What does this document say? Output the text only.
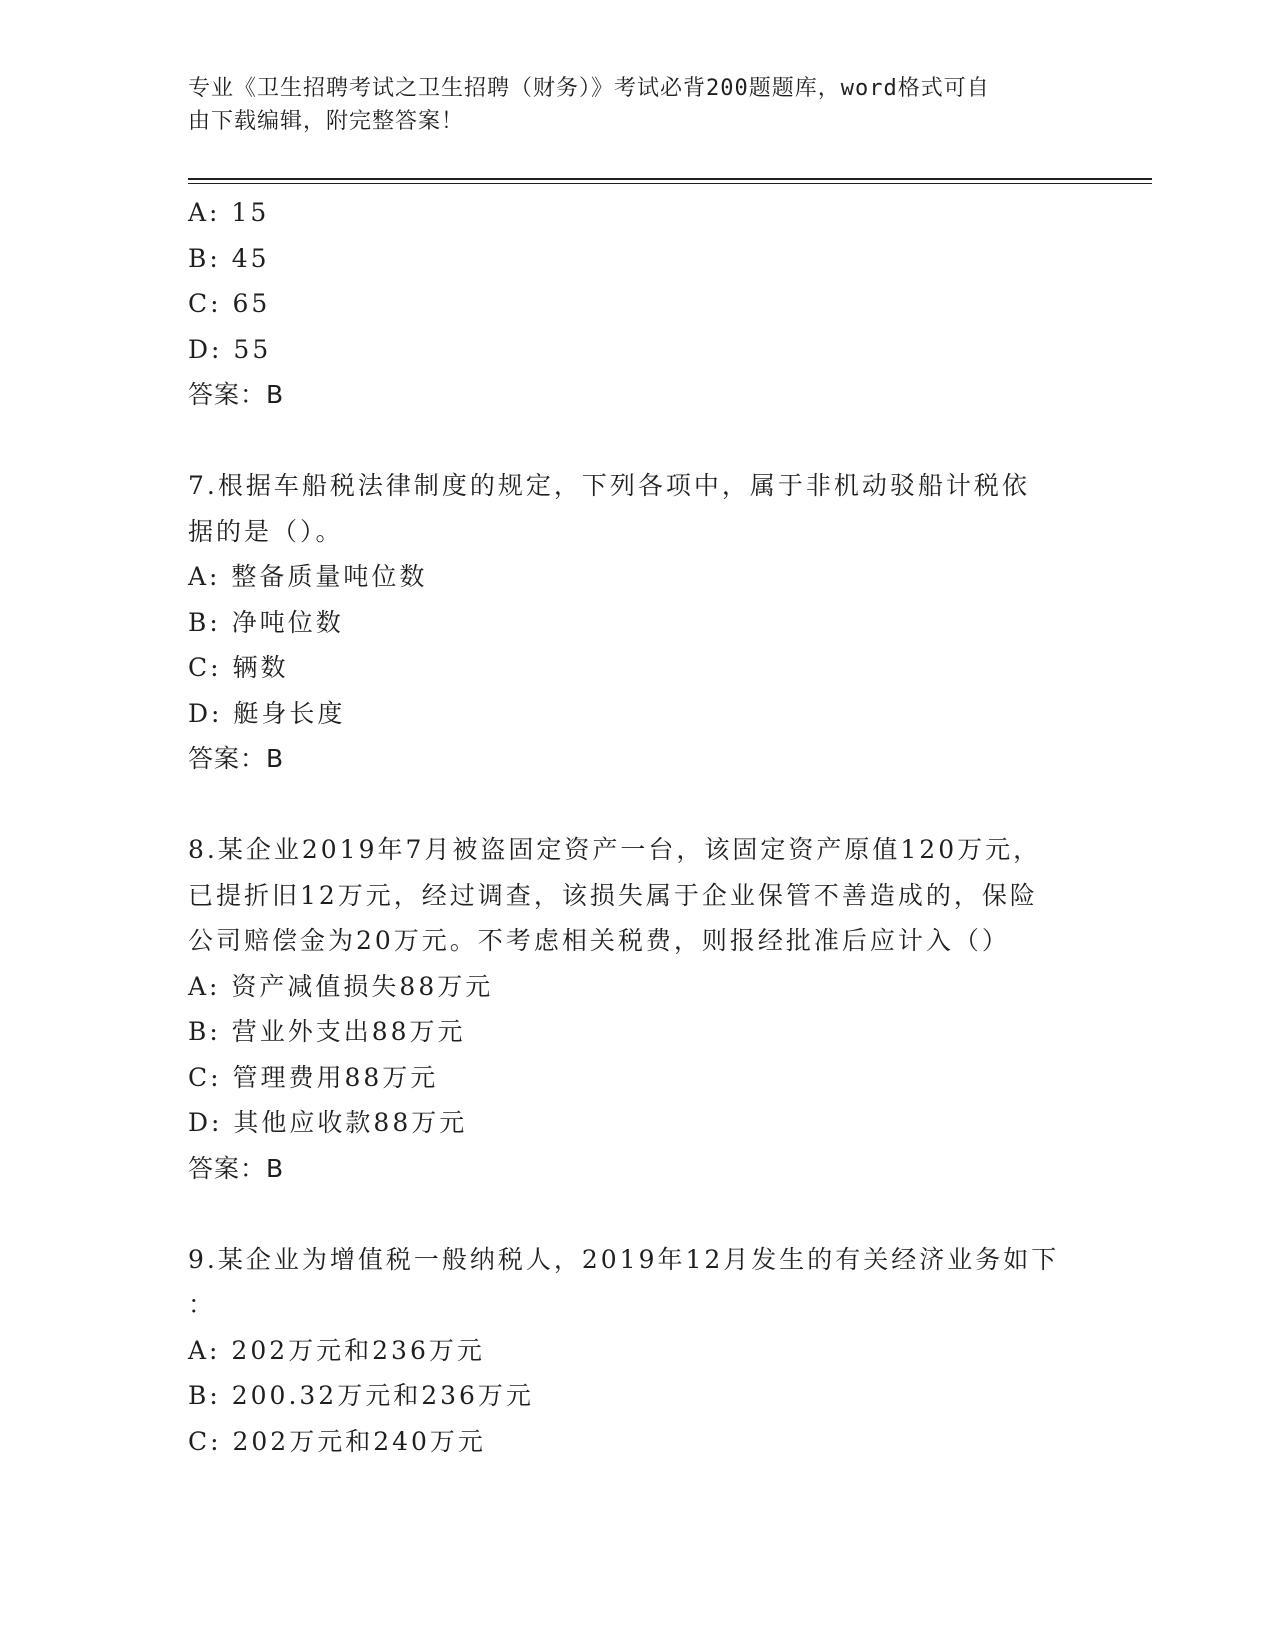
专业《卫生招聘考试之卫生招聘（财务）》考试必背200题题库，word格式可自
由下载编辑，附完整答案！
A: 15
B: 45
C: 65
D: 55
答案：B
7.根据车船税法律制度的规定，下列各项中，属于非机动驳船计税依
据的是（）。
A: 整备质量吨位数
B: 净吨位数
C: 辆数
D: 艇身长度
答案：B
8.某企业2019年7月被盗固定资产一台，该固定资产原值120万元，
已提折旧12万元，经过调查，该损失属于企业保管不善造成的，保险
公司赔偿金为20万元。不考虑相关税费，则报经批准后应计入（）
A: 资产减值损失88万元
B: 营业外支出88万元
C: 管理费用88万元
D: 其他应收款88万元
答案：B
9.某企业为增值税一般纳税人，2019年12月发生的有关经济业务如下
：
A: 202万元和236万元
B: 200.32万元和236万元
C: 202万元和240万元
